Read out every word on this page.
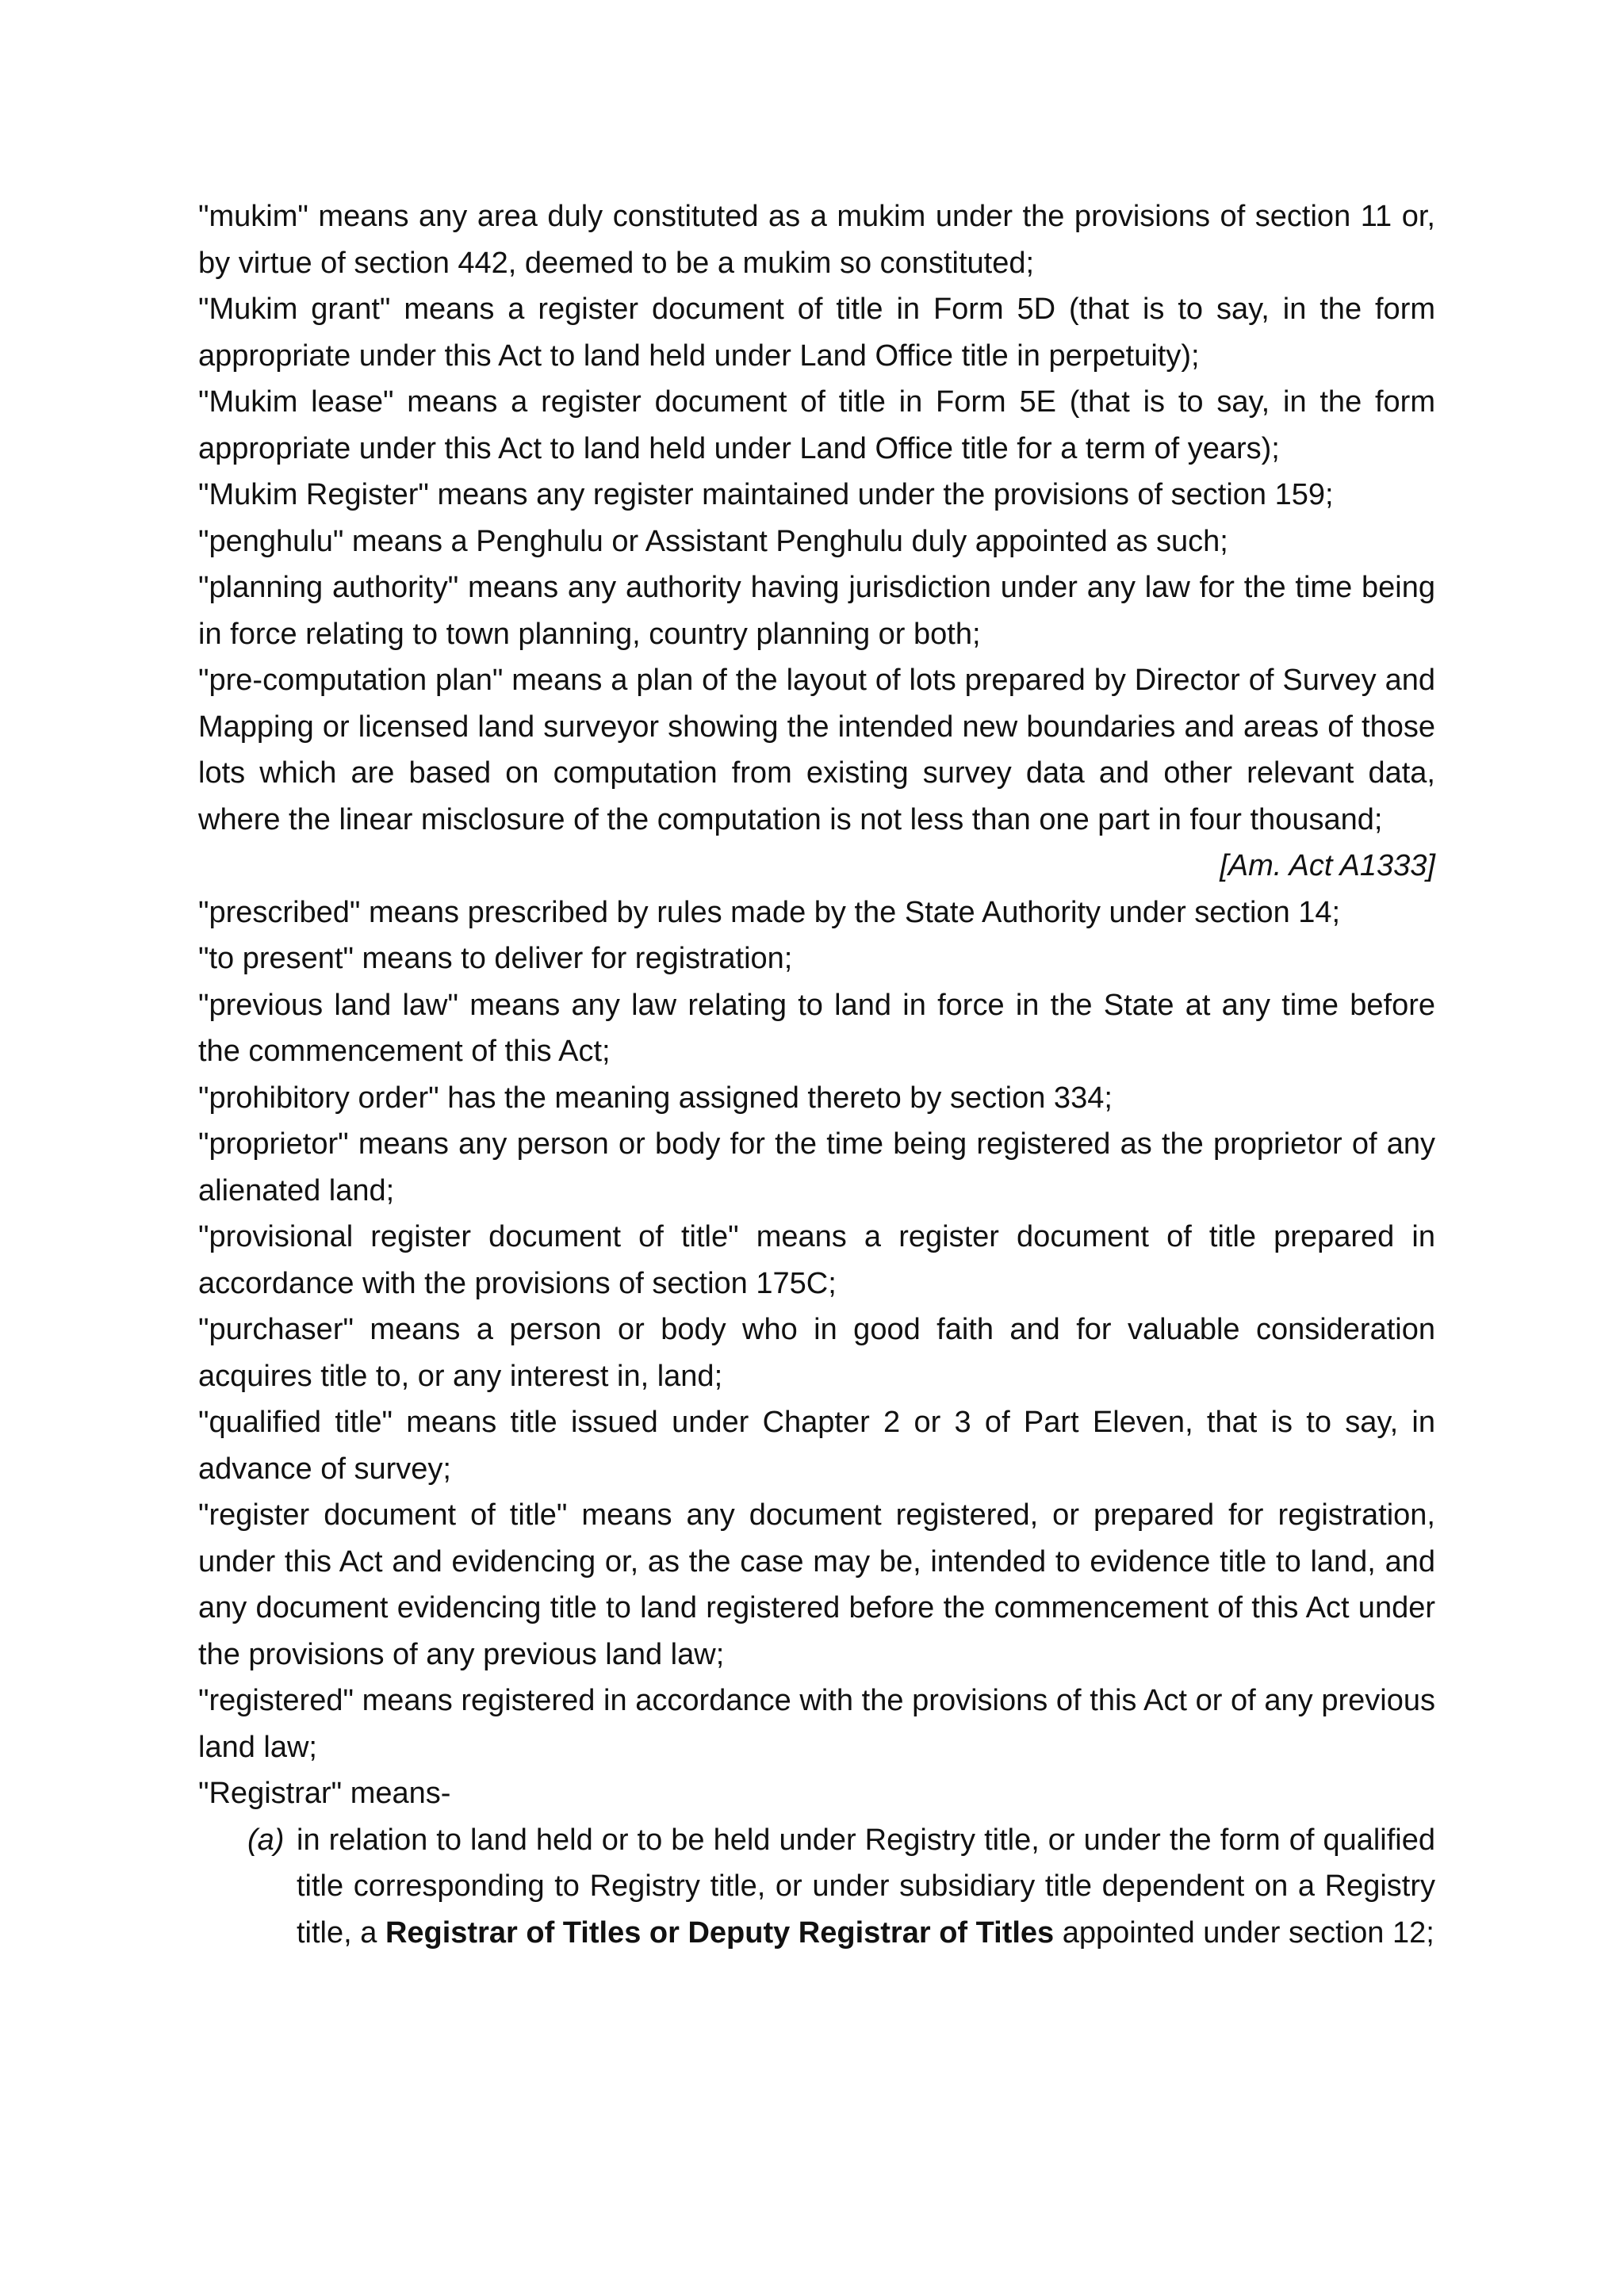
"mukim" means any area duly constituted as a mukim under the provisions of section 11 or, by virtue of section 442, deemed to be a mukim so constituted;

"Mukim grant" means a register document of title in Form 5D (that is to say, in the form appropriate under this Act to land held under Land Office title in perpetuity);

"Mukim lease" means a register document of title in Form 5E (that is to say, in the form appropriate under this Act to land held under Land Office title for a term of years);

"Mukim Register" means any register maintained under the provisions of section 159;

"penghulu" means a Penghulu or Assistant Penghulu duly appointed as such;

"planning authority" means any authority having jurisdiction under any law for the time being in force relating to town planning, country planning or both;

"pre-computation plan" means a plan of the layout of lots prepared by Director of Survey and Mapping or licensed land surveyor showing the intended new boundaries and areas of those lots which are based on computation from existing survey data and other relevant data, where the linear misclosure of the computation is not less than one part in four thousand;

[Am. Act A1333]

"prescribed" means prescribed by rules made by the State Authority under section 14;

"to present" means to deliver for registration;

"previous land law" means any law relating to land in force in the State at any time before the commencement of this Act;

"prohibitory order" has the meaning assigned thereto by section 334;

"proprietor" means any person or body for the time being registered as the proprietor of any alienated land;

"provisional register document of title" means a register document of title prepared in accordance with the provisions of section 175C;

"purchaser" means a person or body who in good faith and for valuable consideration acquires title to, or any interest in, land;

"qualified title" means title issued under Chapter 2 or 3 of Part Eleven, that is to say, in advance of survey;

"register document of title" means any document registered, or prepared for registration, under this Act and evidencing or, as the case may be, intended to evidence title to land, and any document evidencing title to land registered before the commencement of this Act under the provisions of any previous land law;

"registered" means registered in accordance with the provisions of this Act or of any previous land law;

"Registrar" means-

(a) in relation to land held or to be held under Registry title, or under the form of qualified title corresponding to Registry title, or under subsidiary title dependent on a Registry title, a Registrar of Titles or Deputy Registrar of Titles appointed under section 12;
